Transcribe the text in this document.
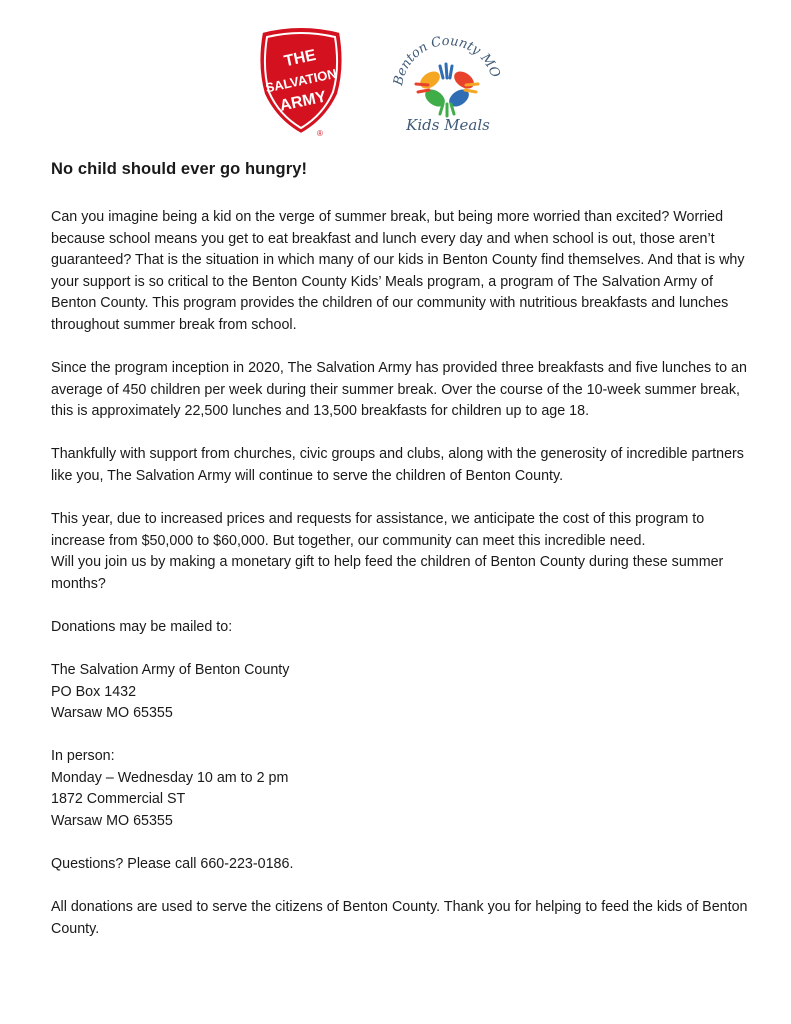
THE
SALVATION
ARMY
®
Benton County MO
Kids Meals
No child should ever go hungry!

Can you imagine being a kid on the verge of summer break, but being more worried than excited? Worried because school means you get to eat breakfast and lunch every day and when school is out, those aren’t guaranteed? That is the situation in which many of our kids in Benton County find themselves. And that is why your support is so critical to the Benton County Kids’ Meals program, a program of The Salvation Army of Benton County. This program provides the children of our community with nutritious breakfasts and lunches throughout summer break from school.

Since the program inception in 2020, The Salvation Army has provided three breakfasts and five lunches to an average of 450 children per week during their summer break. Over the course of the 10-week summer break, this is approximately 22,500 lunches and 13,500 breakfasts for children up to age 18.

Thankfully with support from churches, civic groups and clubs, along with the generosity of incredible partners like you, The Salvation Army will continue to serve the children of Benton County.

This year, due to increased prices and requests for assistance, we anticipate the cost of this program to increase from $50,000 to $60,000. But together, our community can meet this incredible need.
Will you join us by making a monetary gift to help feed the children of Benton County during these summer months?

Donations may be mailed to:

The Salvation Army of Benton County
PO Box 1432
Warsaw MO 65355
In person:
Monday – Wednesday 10 am to 2 pm
1872 Commercial ST
Warsaw MO 65355

Questions? Please call 660-223-0186.

All donations are used to serve the citizens of Benton County. Thank you for helping to feed the kids of Benton County.
